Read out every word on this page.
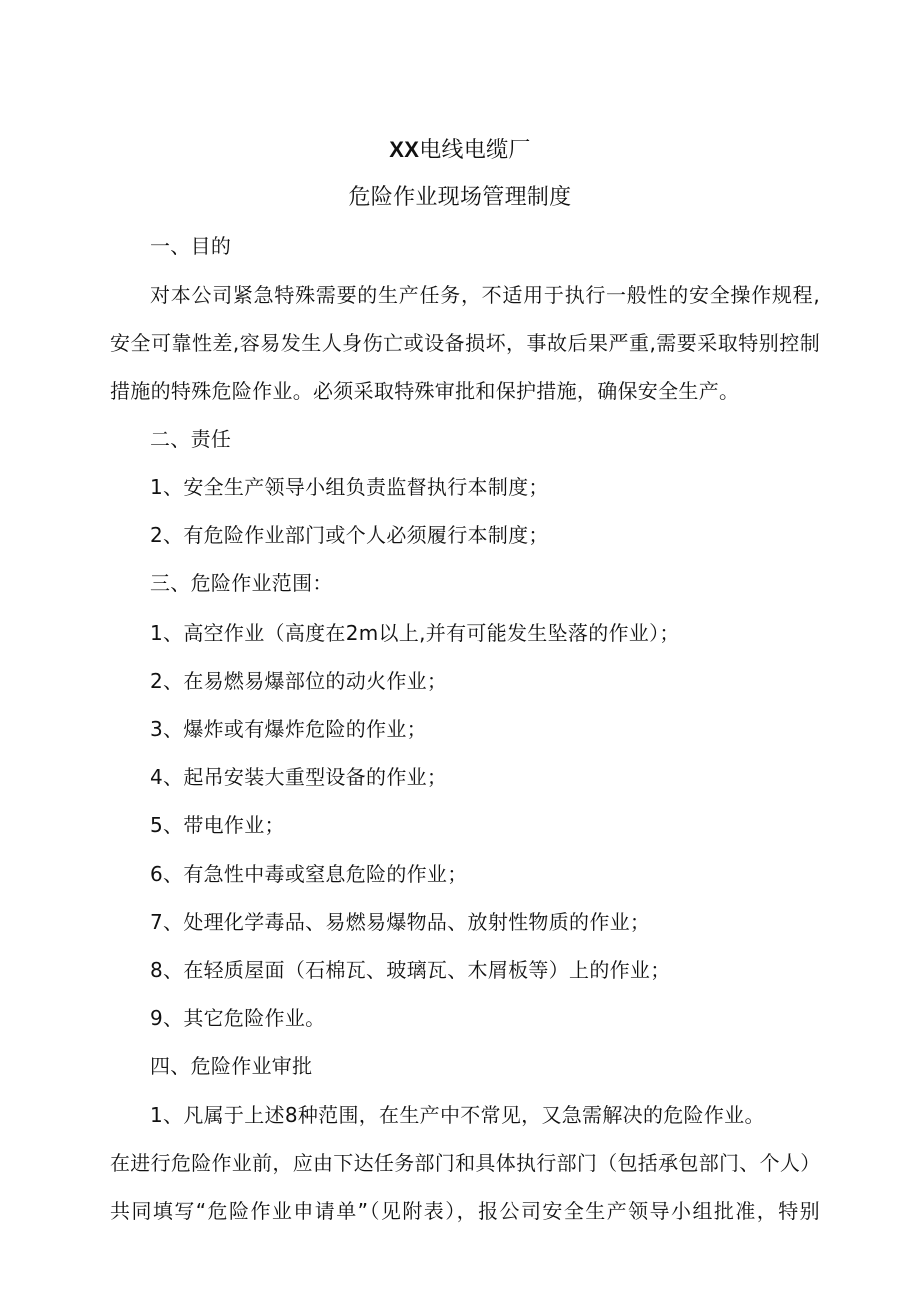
XX电线电缆厂
危险作业现场管理制度
一、目的
对本公司紧急特殊需要的生产任务，不适用于执行一般性的安全操作规程,
安全可靠性差,容易发生人身伤亡或设备损坏，事故后果严重,需要采取特别控制
措施的特殊危险作业。必须采取特殊审批和保护措施，确保安全生产。
二、责任
1、安全生产领导小组负责监督执行本制度；
2、有危险作业部门或个人必须履行本制度；
三、危险作业范围：
1、高空作业（高度在2m以上,并有可能发生坠落的作业）；
2、在易燃易爆部位的动火作业；
3、爆炸或有爆炸危险的作业；
4、起吊安装大重型设备的作业；
5、带电作业；
6、有急性中毒或窒息危险的作业；
7、处理化学毒品、易燃易爆物品、放射性物质的作业；
8、在轻质屋面（石棉瓦、玻璃瓦、木屑板等）上的作业；
9、其它危险作业。
四、危险作业审批
1、凡属于上述8种范围，在生产中不常见，又急需解决的危险作业。
在进行危险作业前，应由下达任务部门和具体执行部门（包括承包部门、个人）
共同填写“危险作业申请单”（见附表），报公司安全生产领导小组批准，特别
